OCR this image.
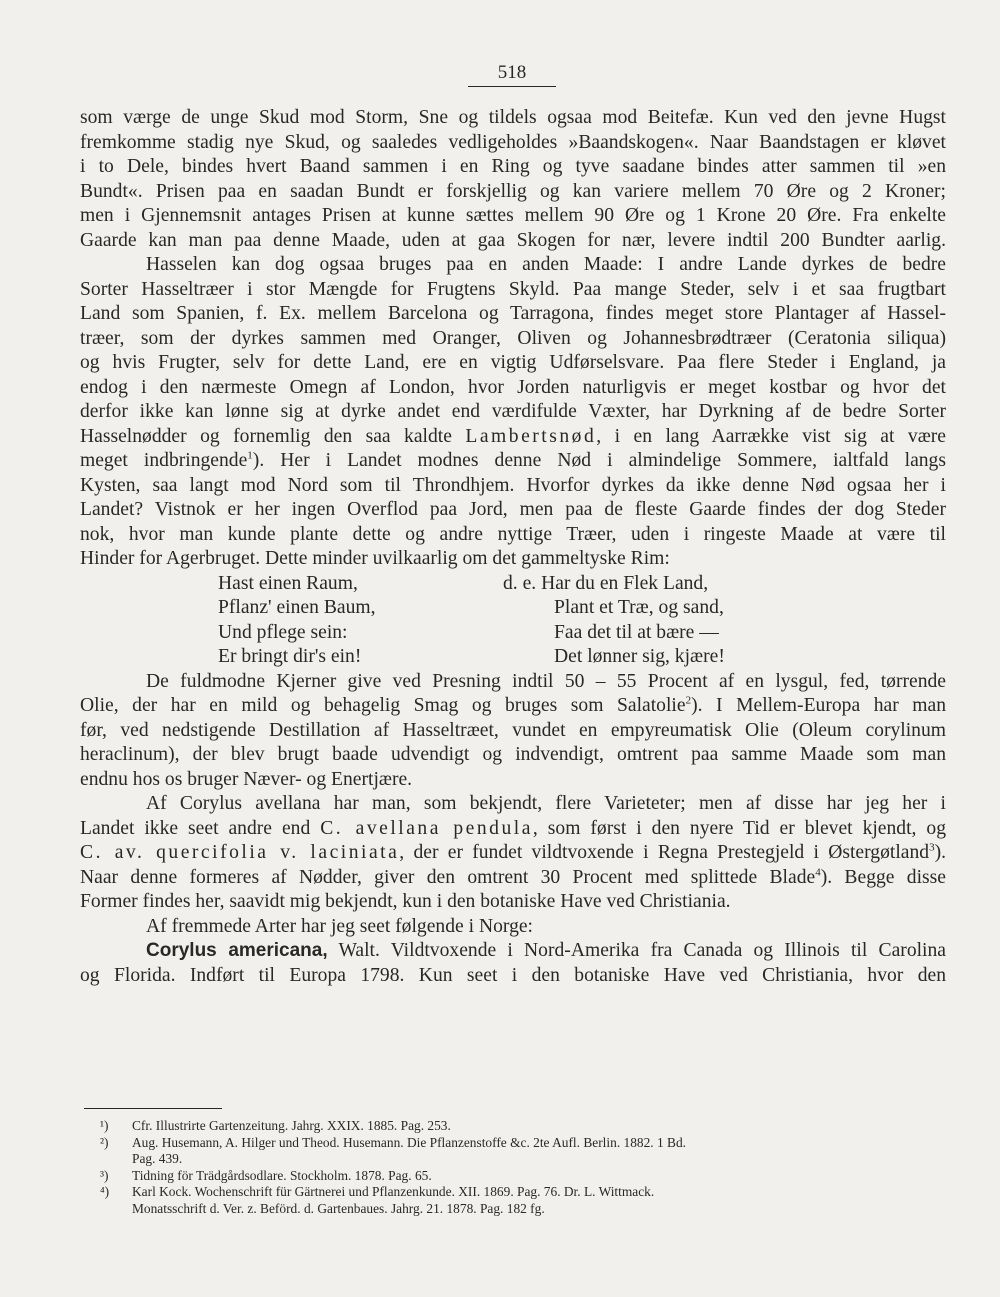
518
som værge de unge Skud mod Storm, Sne og tildels ogsaa mod Beitefæ. Kun ved den jevne Hugst
fremkomme stadig nye Skud, og saaledes vedligeholdes »Baandskogen«. Naar Baandstagen er kløvet
i to Dele, bindes hvert Baand sammen i en Ring og tyve saadane bindes atter sammen til »en
Bundt«. Prisen paa en saadan Bundt er forskjellig og kan variere mellem 70 Øre og 2 Kroner;
men i Gjennemsnit antages Prisen at kunne sættes mellem 90 Øre og 1 Krone 20 Øre. Fra enkelte
Gaarde kan man paa denne Maade, uden at gaa Skogen for nær, levere indtil 200 Bundter aarlig.
Hasselen kan dog ogsaa bruges paa en anden Maade: I andre Lande dyrkes de bedre
Sorter Hasseltræer i stor Mængde for Frugtens Skyld. Paa mange Steder, selv i et saa frugtbart
Land som Spanien, f. Ex. mellem Barcelona og Tarragona, findes meget store Plantager af Hassel-
træer, som der dyrkes sammen med Oranger, Oliven og Johannesbrødtræer (Ceratonia siliqua)
og hvis Frugter, selv for dette Land, ere en vigtig Udførselsvare. Paa flere Steder i England, ja
endog i den nærmeste Omegn af London, hvor Jorden naturligvis er meget kostbar og hvor det
derfor ikke kan lønne sig at dyrke andet end værdifulde Væxter, har Dyrkning af de bedre Sorter
Hasselnødder og fornemlig den saa kaldte Lambertsnød, i en lang Aarrække vist sig at være
meget indbringende$^1$). Her i Landet modnes denne Nød i almindelige Sommere, ialtfald langs
Kysten, saa langt mod Nord som til Throndhjem. Hvorfor dyrkes da ikke denne Nød ogsaa her i
Landet? Vistnok er her ingen Overflod paa Jord, men paa de fleste Gaarde findes der dog Steder
nok, hvor man kunde plante dette og andre nyttige Træer, uden i ringeste Maade at være til
Hinder for Agerbruget. Dette minder uvilkaarlig om det gammeltyske Rim:
Hast einen Raum,
Pflanz' einen Baum,
Und pflege sein:
Er bringt dir's ein!
d. e. Har du en Flek Land,
Plant et Træ, og sand,
Faa det til at bære —
Det lønner sig, kjære!
De fuldmodne Kjerner give ved Presning indtil 50 – 55 Procent af en lysgul, fed, tørrende
Olie, der har en mild og behagelig Smag og bruges som Salatolie$^2$). I Mellem-Europa har man
før, ved nedstigende Destillation af Hasseltræet, vundet en empyreumatisk Olie (Oleum corylinum
heraclinum), der blev brugt baade udvendigt og indvendigt, omtrent paa samme Maade som man
endnu hos os bruger Næver- og Enertjære.
Af Corylus avellana har man, som bekjendt, flere Varieteter; men af disse har jeg her i
Landet ikke seet andre end C. avellana pendula, som først i den nyere Tid er blevet kjendt, og
C. av. quercifolia v. laciniata, der er fundet vildtvoxende i Regna Prestegjeld i Østergøtland$^3$).
Naar denne formeres af Nødder, giver den omtrent 30 Procent med splittede Blade$^4$). Begge disse
Former findes her, saavidt mig bekjendt, kun i den botaniske Have ved Christiania.
Af fremmede Arter har jeg seet følgende i Norge:
Corylus americana, Walt. Vildtvoxende i Nord-Amerika fra Canada og Illinois til Carolina
og Florida. Indført til Europa 1798. Kun seet i den botaniske Have ved Christiania, hvor den
¹) Cfr. Illustrirte Gartenzeitung. Jahrg. XXIX. 1885. Pag. 253.
²) Aug. Husemann, A. Hilger und Theod. Husemann. Die Pflanzenstoffe &c. 2te Aufl. Berlin. 1882. 1 Bd.
Pag. 439.
³) Tidning för Trädgårdsodlare. Stockholm. 1878. Pag. 65.
⁴) Karl Kock. Wochenschrift für Gärtnerei und Pflanzenkunde. XII. 1869. Pag. 76. Dr. L. Wittmack.
Monatsschrift d. Ver. z. Beförd. d. Gartenbaues. Jahrg. 21. 1878. Pag. 182 fg.
